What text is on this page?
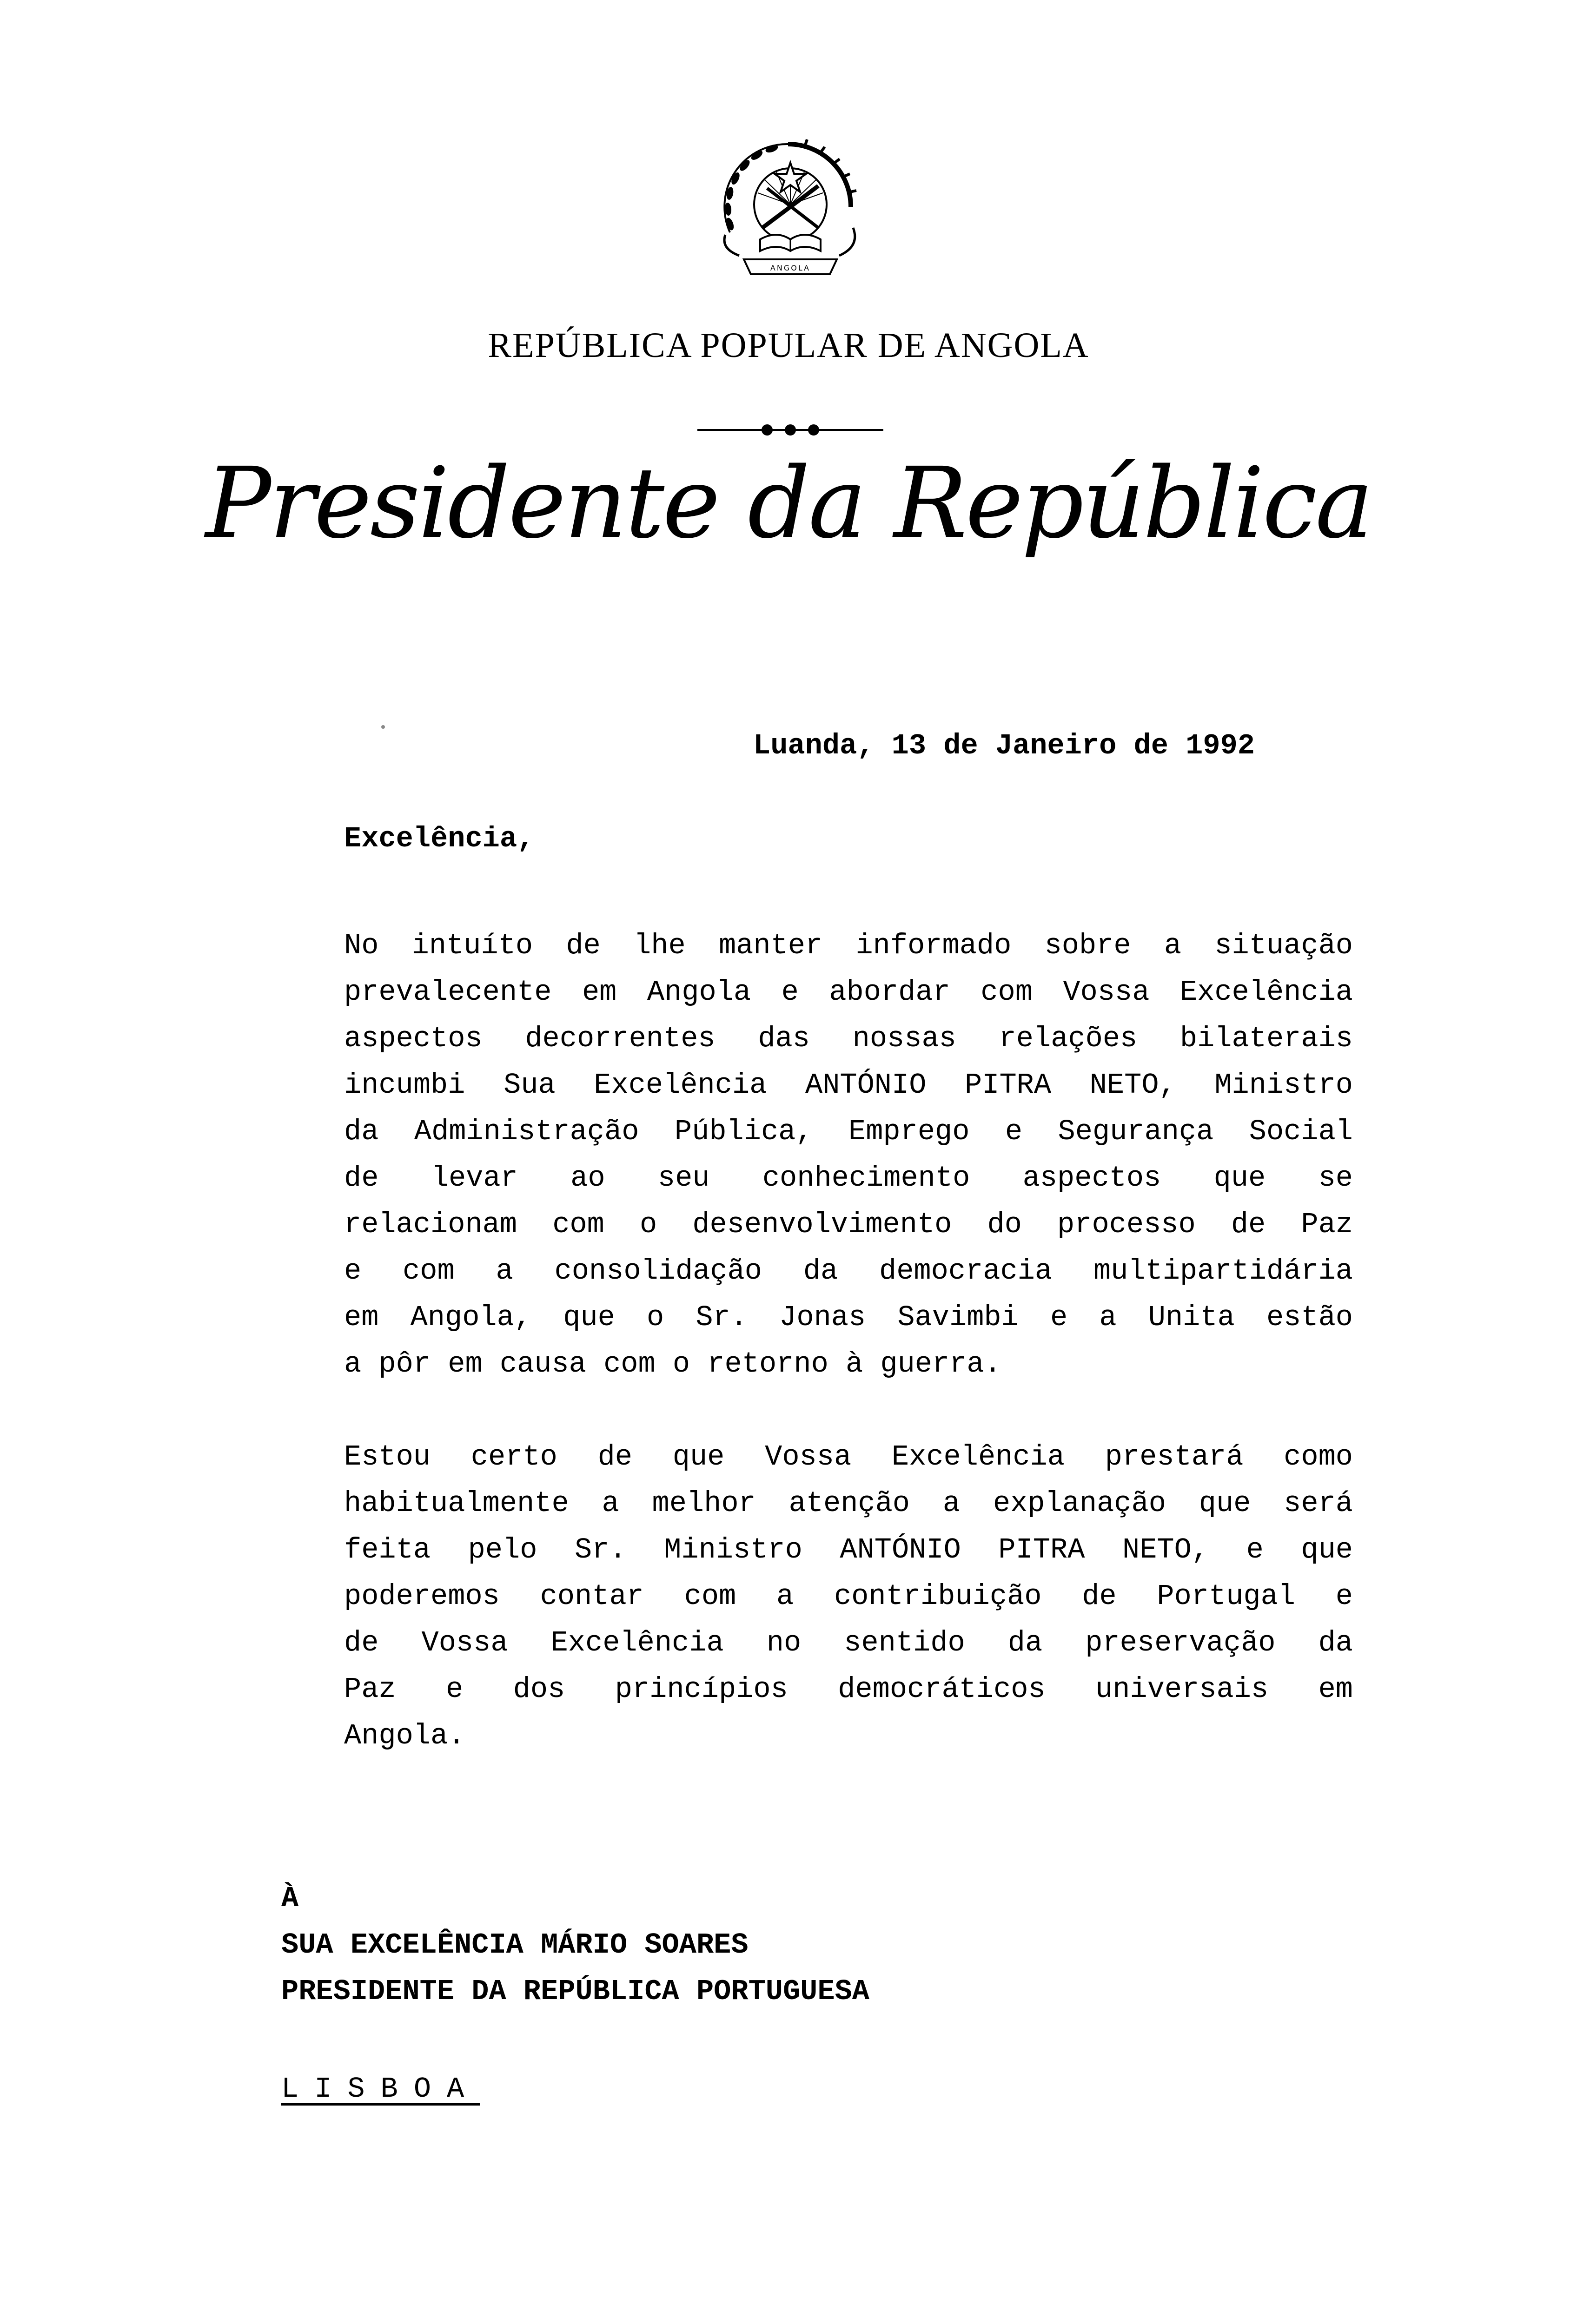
ANGOLA
REPÚBLICA POPULAR DE ANGOLA
Presidente da República
Luanda, 13 de Janeiro de 1992
Excelência,
No intuíto de lhe manter informado sobre a situação
prevalecente em Angola e abordar com Vossa Excelência
aspectos decorrentes das nossas relações bilaterais
incumbi Sua Excelência ANTÓNIO PITRA NETO, Ministro
da Administração Pública, Emprego e Segurança Social
de levar ao seu conhecimento aspectos que se
relacionam com o desenvolvimento do processo de Paz
e com a consolidação da democracia multipartidária
em Angola, que o Sr. Jonas Savimbi e a Unita estão
a pôr em causa com o retorno à guerra.
Estou certo de que Vossa Excelência prestará como
habitualmente a melhor atenção a explanação que será
feita pelo Sr. Ministro ANTÓNIO PITRA NETO, e que
poderemos contar com a contribuição de Portugal e
de Vossa Excelência no sentido da preservação da
Paz e dos princípios democráticos universais em
Angola.
À
SUA EXCELÊNCIA MÁRIO SOARES
PRESIDENTE DA REPÚBLICA PORTUGUESA
LISBOA
